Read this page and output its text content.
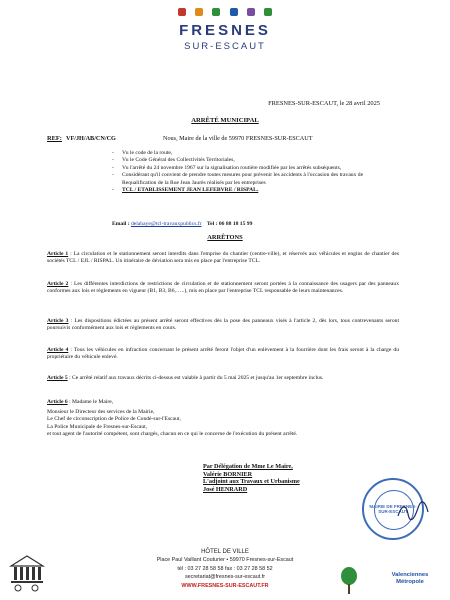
FRESNES
SUR-ESCAUT
FRESNES-SUR-ESCAUT, le 28 avril 2025
ARRÊTÉ MUNICIPAL
REF: VF/JH/AB/CN/CG	Nous, Maire de la ville de 59970 FRESNES-SUR-ESCAUT
- Vu le code de la route,
- Vu le Code Général des Collectivités Territoriales,
- Vu l'arrêté du 24 novembre 1967 sur la signalisation routière modifiée par les arrêtés subséquents,
- Considérant qu'il convient de prendre toutes mesures pour prévenir les accidents à l'occasion des travaux de Requalification de la Rue Jean Jaurès réalisés par les entreprises
- TCL / ETABLISSEMENT JEAN LEFEBVRE / RISPAL.
Email : delahaye@tcl-travauxpublics.fr Tel : 06 88 18 15 99
ARRÊTONS
Article 1 : La circulation et le stationnement seront interdits dans l'emprise du chantier (centre-ville), et réservés aux véhicules et engins de chantier des sociétés TCL / EJL / RISPAL. Un itinéraire de déviation sera mis en place par l'entreprise TCL.
Article 2 : Les différentes interdictions de restrictions de circulation et de stationnement seront portées à la connaissance des usagers par des panneaux conformes aux lois et règlements en vigueur (B1, B3, B6,…..), mis en place par l'entreprise TCL responsable de leurs maintenances.
Article 3 : Les dispositions édictées au présent arrêté seront effectives dès la pose des panneaux visés à l'article 2, dès lors, tous contrevenants seront poursuivis conformément aux lois et règlements en cours.
Article 4 : Tous les véhicules en infraction concernant le présent arrêté feront l'objet d'un enlèvement à la fourrière dont les frais seront à la charge du propriétaire du véhicule enlevé.
Article 5 : Ce arrêté relatif aux travaux décrits ci-dessus est valable à partir du 5 mai 2025 et jusqu'au 1er septembre inclus.
Article 6 : Madame le Maire,
Monsieur le Directeur des services de la Mairie,
Le Chef de circonscription de Police de Condé-sur-l'Escaut,
La Police Municipale de Fresnes-sur-Escaut,
et tout agent de l'autorité compétent, sont chargés, chacun en ce qui le concerne de l'exécution du présent arrêté.
Par Délégation de Mme Le Maire,
Valérie BORNIER
L'adjoint aux Travaux et Urbanisme
José HENRARD
MAIRIE DE FRESNES-SUR-ESCAUT
HÔTEL DE VILLE
Place Paul Vaillant Couturier • 59970 Fresnes-sur-Escaut
tél : 03 27 28 58 58 fax : 03 27 28 58 52
secretariat@fresnes-sur-escaut.fr
WWW.FRESNES-SUR-ESCAUT.FR
Valenciennes Métropole
